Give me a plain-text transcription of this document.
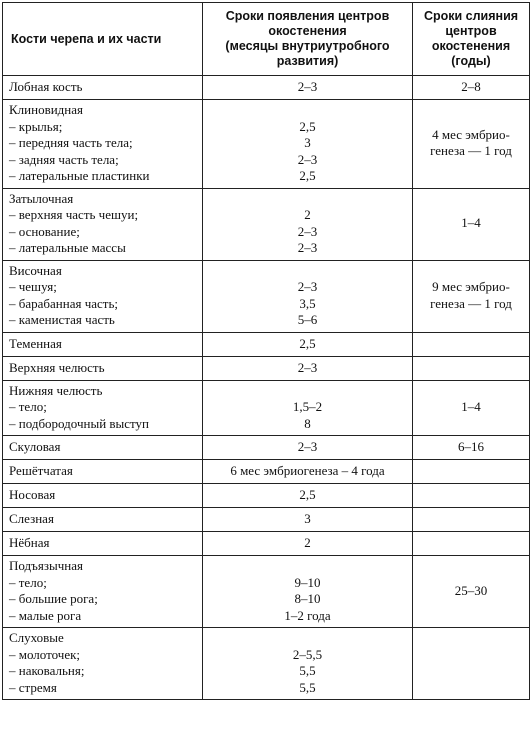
Кости черепа и их части	Сроки появления центров
окостенения
(месяцы внутриутробного
развития)	Сроки слияния
центров
окостенения
(годы)

Лобная кость	2–3	2–8

Клиновидная
– крылья;
– передняя часть тела;
– задняя часть тела;
– латеральные пластинки	2,5
3
2–3
2,5	4 мес эмбрио-
генеза — 1 год

Затылочная
– верхняя часть чешуи;
– основание;
– латеральные массы	2
2–3
2–3	1–4

Височная
– чешуя;
– барабанная часть;
– каменистая часть	2–3
3,5
5–6	9 мес эмбрио-
генеза — 1 год

Теменная	2,5	

Верхняя челюсть	2–3	

Нижняя челюсть
– тело;
– подбородочный выступ	1,5–2
8	1–4

Скуловая	2–3	6–16

Решётчатая	6 мес эмбриогенеза – 4 года	

Носовая	2,5	

Слезная	3	

Нёбная	2	

Подъязычная
– тело;
– большие рога;
– малые рога	9–10
8–10
1–2 года	25–30

Слуховые
– молоточек;
– наковальня;
– стремя	2–5,5
5,5
5,5	
